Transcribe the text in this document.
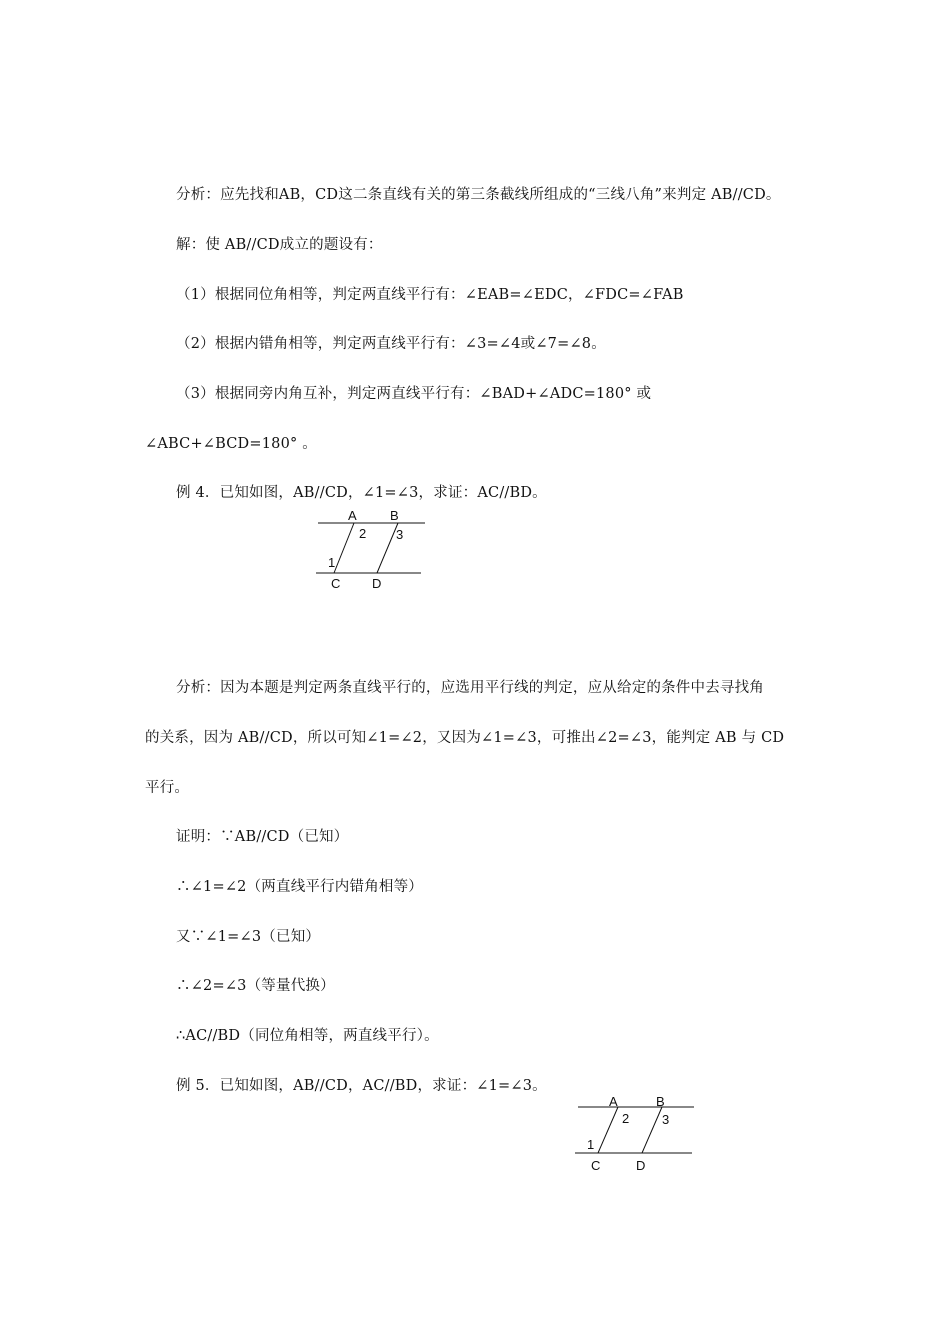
分析：应先找和AB，CD这二条直线有关的第三条截线所组成的“三线八角”来判定 AB//CD。
解：使 AB//CD成立的题设有：
（1）根据同位角相等，判定两直线平行有：∠EAB=∠EDC，∠FDC=∠FAB
（2）根据内错角相等，判定两直线平行有：∠3=∠4或∠7=∠8。
（3）根据同旁内角互补，判定两直线平行有：∠BAD+∠ADC=180° 或
∠ABC+∠BCD=180° 。
例 4．已知如图，AB//CD，∠1=∠3，求证：AC//BD。
A	B
2 3
1
C D
分析：因为本题是判定两条直线平行的，应选用平行线的判定，应从给定的条件中去寻找角
的关系，因为 AB//CD，所以可知∠1=∠2，又因为∠1=∠3，可推出∠2=∠3，能判定 AB 与 CD
平行。
证明：∵AB//CD（已知）
∴∠1=∠2（两直线平行内错角相等）
又∵∠1=∠3（已知）
∴∠2=∠3（等量代换）
∴AC//BD（同位角相等，两直线平行）。
例 5．已知如图，AB//CD，AC//BD，求证：∠1=∠3。
A	B
2	3
1
C	D
